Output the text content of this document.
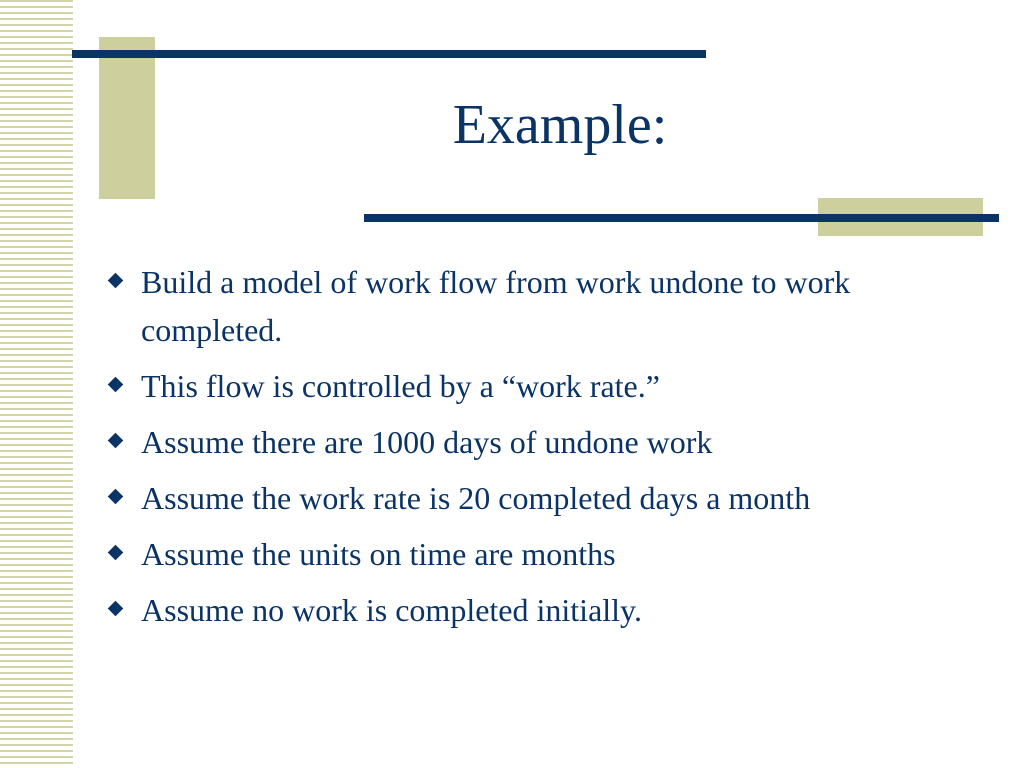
Example:
Build a model of work flow from work undone to work completed.
This flow is controlled by a “work rate.”
Assume there are 1000 days of undone work
Assume the work rate is 20 completed days a month
Assume the units on time are months
Assume no work is completed initially.
